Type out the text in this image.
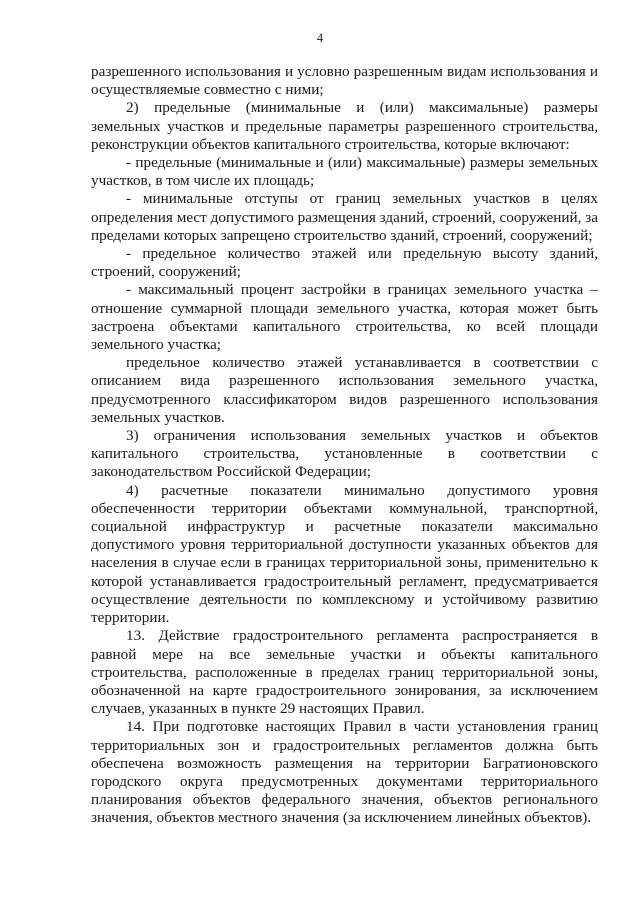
4

разрешенного использования и условно разрешенным видам использования и осуществляемые совместно с ними;

2) предельные (минимальные и (или) максимальные) размеры земельных участков и предельные параметры разрешенного строительства, реконструкции объектов капитального строительства, которые включают:

- предельные (минимальные и (или) максимальные) размеры земельных участков, в том числе их площадь;

- минимальные отступы от границ земельных участков в целях определения мест допустимого размещения зданий, строений, сооружений, за пределами которых запрещено строительство зданий, строений, сооружений;

- предельное количество этажей или предельную высоту зданий, строений, сооружений;

- максимальный процент застройки в границах земельного участка – отношение суммарной площади земельного участка, которая может быть застроена объектами капитального строительства, ко всей площади земельного участка;

предельное количество этажей устанавливается в соответствии с описанием вида разрешенного использования земельного участка, предусмотренного классификатором видов разрешенного использования земельных участков.

3) ограничения использования земельных участков и объектов капитального строительства, установленные в соответствии с законодательством Российской Федерации;

4) расчетные показатели минимально допустимого уровня обеспеченности территории объектами коммунальной, транспортной, социальной инфраструктур и расчетные показатели максимально допустимого уровня территориальной доступности указанных объектов для населения в случае если в границах территориальной зоны, применительно к которой устанавливается градостроительный регламент, предусматривается осуществление деятельности по комплексному и устойчивому развитию территории.

13. Действие градостроительного регламента распространяется в равной мере на все земельные участки и объекты капитального строительства, расположенные в пределах границ территориальной зоны, обозначенной на карте градостроительного зонирования, за исключением случаев, указанных в пункте 29 настоящих Правил.

14. При подготовке настоящих Правил в части установления границ территориальных зон и градостроительных регламентов должна быть обеспечена возможность размещения на территории Багратионовского городского округа предусмотренных документами территориального планирования объектов федерального значения, объектов регионального значения, объектов местного значения (за исключением линейных объектов).
